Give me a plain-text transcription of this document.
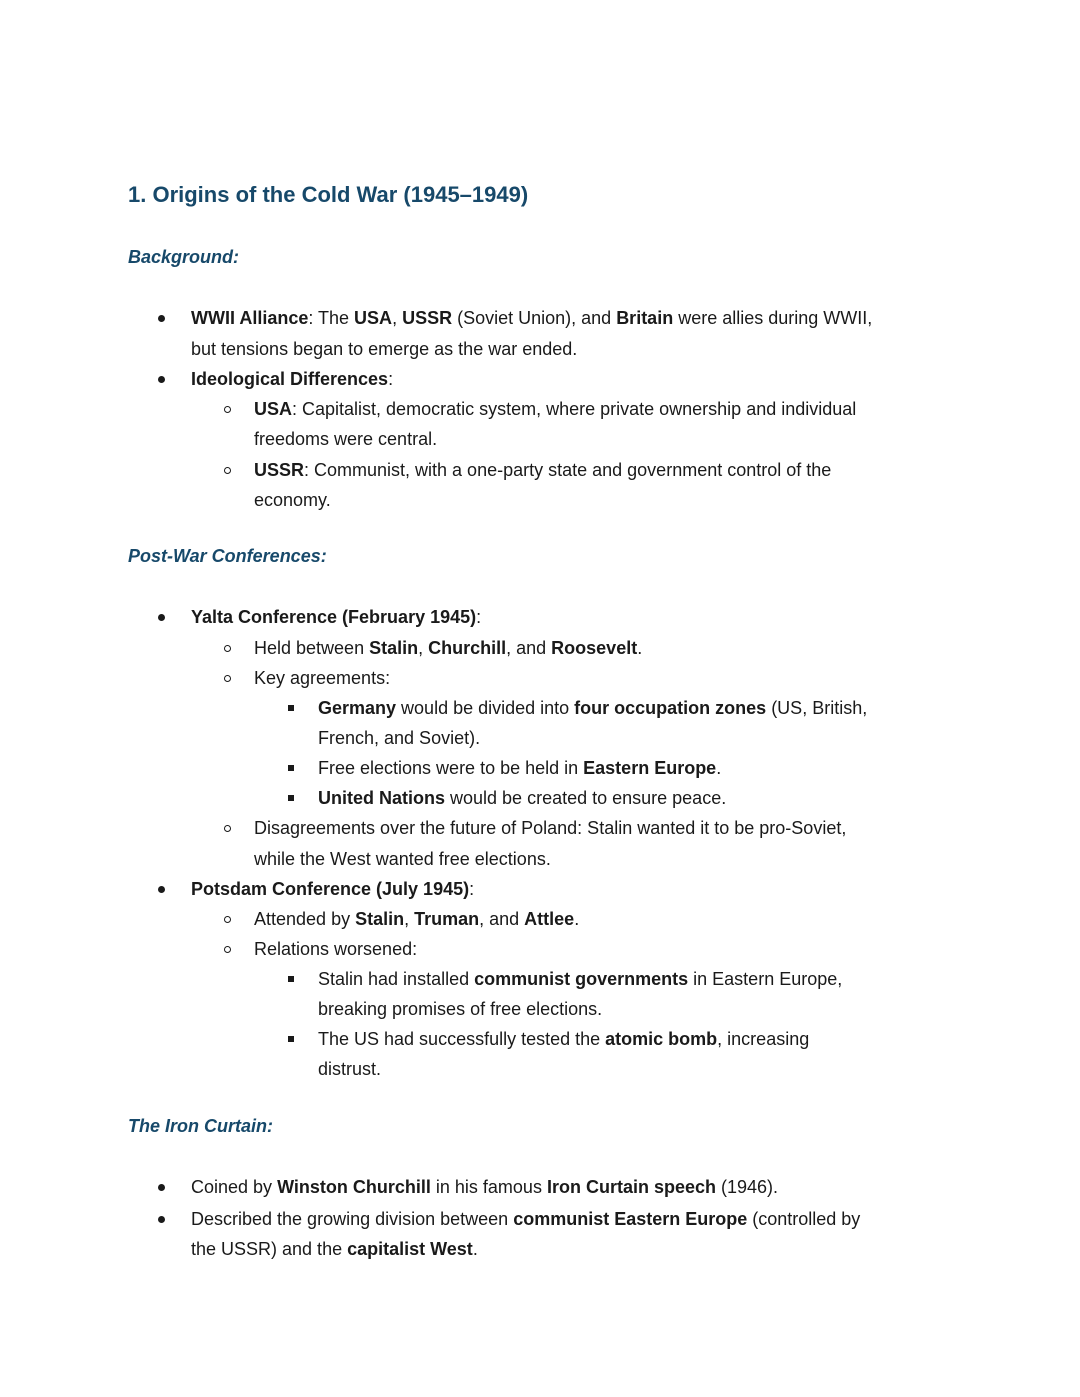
1. Origins of the Cold War (1945–1949)
Background:
WWII Alliance: The USA, USSR (Soviet Union), and Britain were allies during WWII,
but tensions began to emerge as the war ended.
Ideological Differences:
USA: Capitalist, democratic system, where private ownership and individual
freedoms were central.
USSR: Communist, with a one-party state and government control of the
economy.
Post-War Conferences:
Yalta Conference (February 1945):
Held between Stalin, Churchill, and Roosevelt.
Key agreements:
Germany would be divided into four occupation zones (US, British,
French, and Soviet).
Free elections were to be held in Eastern Europe.
United Nations would be created to ensure peace.
Disagreements over the future of Poland: Stalin wanted it to be pro-Soviet,
while the West wanted free elections.
Potsdam Conference (July 1945):
Attended by Stalin, Truman, and Attlee.
Relations worsened:
Stalin had installed communist governments in Eastern Europe,
breaking promises of free elections.
The US had successfully tested the atomic bomb, increasing
distrust.
The Iron Curtain:
Coined by Winston Churchill in his famous Iron Curtain speech (1946).
Described the growing division between communist Eastern Europe (controlled by
the USSR) and the capitalist West.
